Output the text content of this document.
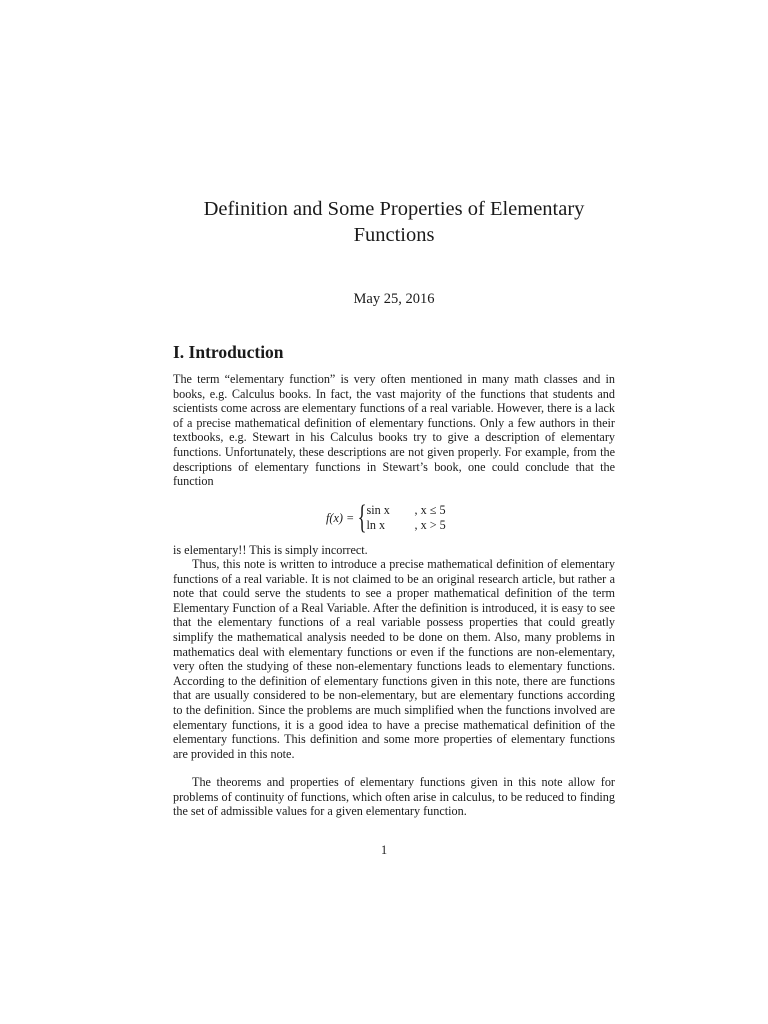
Definition and Some Properties of Elementary Functions
May 25, 2016
I. Introduction

The term “elementary function” is very often mentioned in many math classes and in books, e.g. Calculus books. In fact, the vast majority of the functions that students and scientists come across are elementary functions of a real variable. However, there is a lack of a precise mathematical definition of elementary functions. Only a few authors in their textbooks, e.g. Stewart in his Calculus books try to give a description of elementary functions. Unfortunately, these descriptions are not given properly. For example, from the descriptions of elementary functions in Stewart’s book, one could conclude that the function

f(x) = { sin x	, x ≤ 5
ln x	, x > 5

is elementary!! This is simply incorrect.

Thus, this note is written to introduce a precise mathematical definition of elementary functions of a real variable. It is not claimed to be an original research article, but rather a note that could serve the students to see a proper mathematical definition of the term Elementary Function of a Real Variable. After the definition is introduced, it is easy to see that the elementary functions of a real variable possess properties that could greatly simplify the mathematical analysis needed to be done on them. Also, many problems in mathematics deal with elementary functions or even if the functions are non-elementary, very often the studying of these non-elementary functions leads to elementary functions. According to the definition of elementary functions given in this note, there are functions that are usually considered to be non-elementary, but are elementary functions according to the definition. Since the problems are much simplified when the functions involved are elementary functions, it is a good idea to have a precise mathematical definition of the elementary functions. This definition and some more properties of elementary functions are provided in this note.

The theorems and properties of elementary functions given in this note allow for problems of continuity of functions, which often arise in calculus, to be reduced to finding the set of admissible values for a given elementary function.

1
